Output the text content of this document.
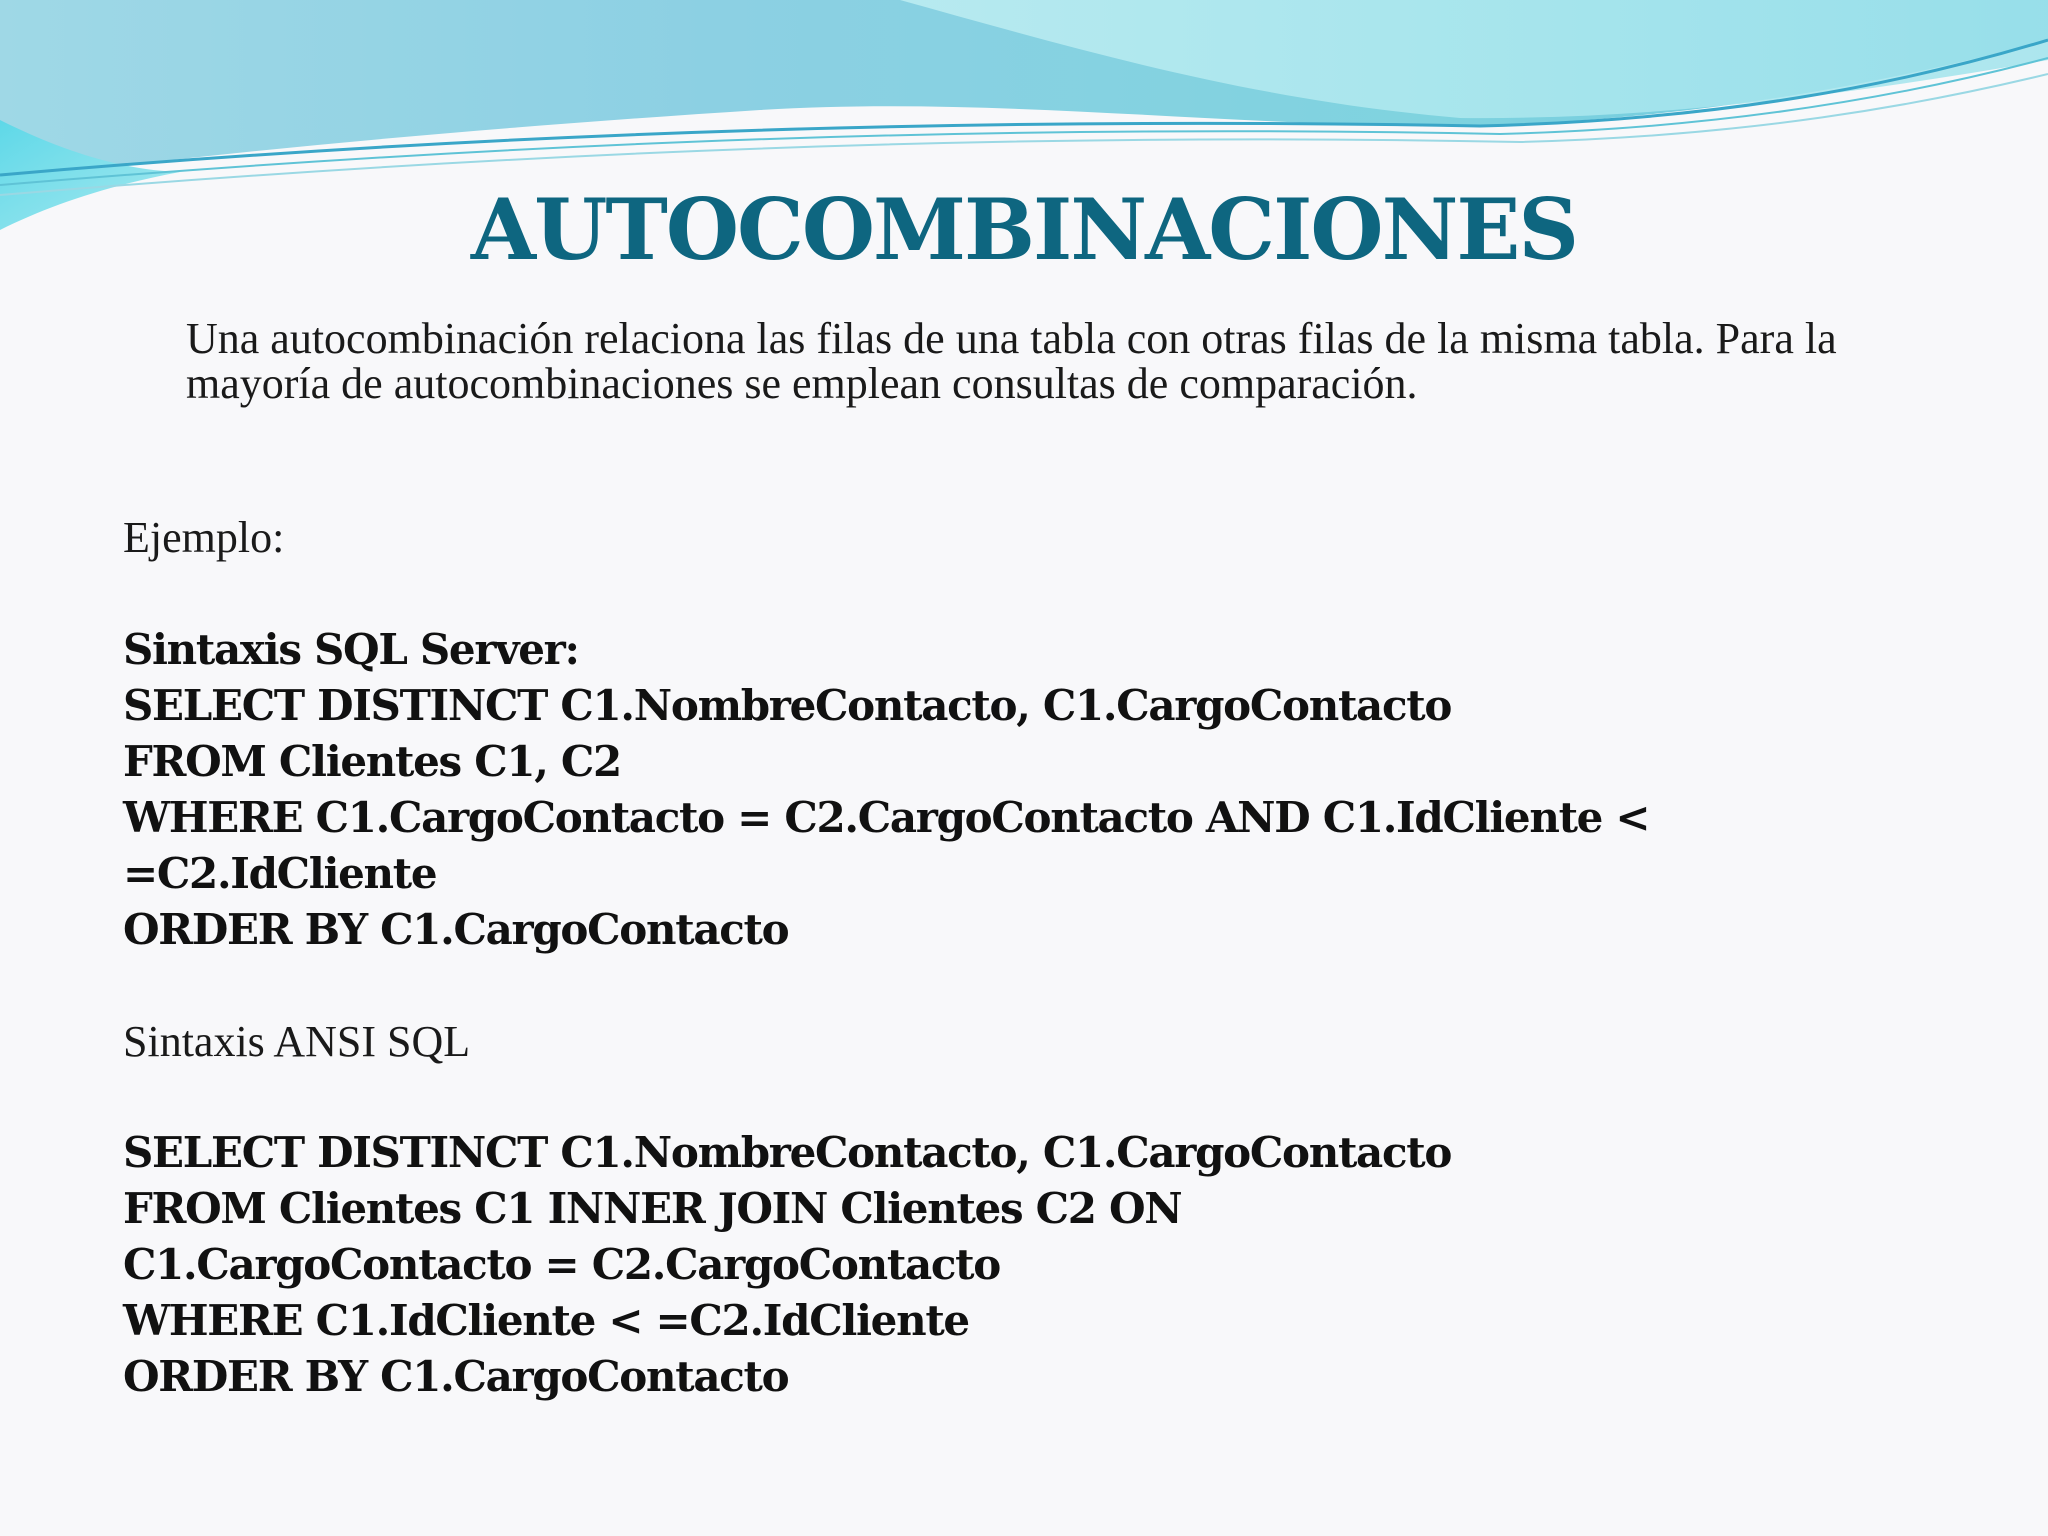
AUTOCOMBINACIONES

Una autocombinación relaciona las filas de una tabla con otras filas de la misma tabla. Para la mayoría de autocombinaciones se emplean consultas de comparación.

Ejemplo:

Sintaxis SQL Server:

SELECT DISTINCT C1.NombreContacto, C1.CargoContacto

FROM Clientes C1, C2

WHERE C1.CargoContacto = C2.CargoContacto AND C1.IdCliente <

=C2.IdCliente

ORDER BY C1.CargoContacto

Sintaxis ANSI SQL

SELECT DISTINCT C1.NombreContacto, C1.CargoContacto

FROM Clientes C1 INNER JOIN Clientes C2 ON

C1.CargoContacto = C2.CargoContacto

WHERE C1.IdCliente < =C2.IdCliente

ORDER BY C1.CargoContacto
